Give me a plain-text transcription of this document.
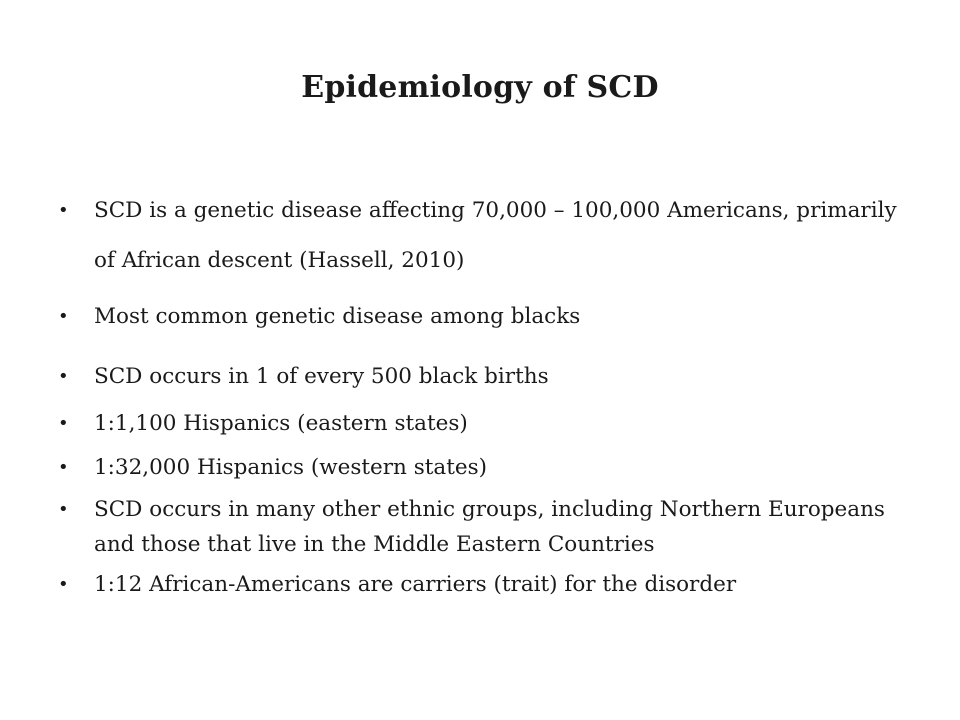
Epidemiology of SCD
•	SCD is a genetic disease affecting 70,000 – 100,000 Americans, primarily of African descent (Hassell, 2010)
•	Most common genetic disease among blacks
•	SCD occurs in 1 of every 500 black births
•	1:1,100 Hispanics (eastern states)
•	1:32,000 Hispanics (western states)
•	SCD occurs in many other ethnic groups, including Northern Europeans and those that live in the Middle Eastern Countries
•	1:12 African-Americans are carriers (trait) for the disorder
